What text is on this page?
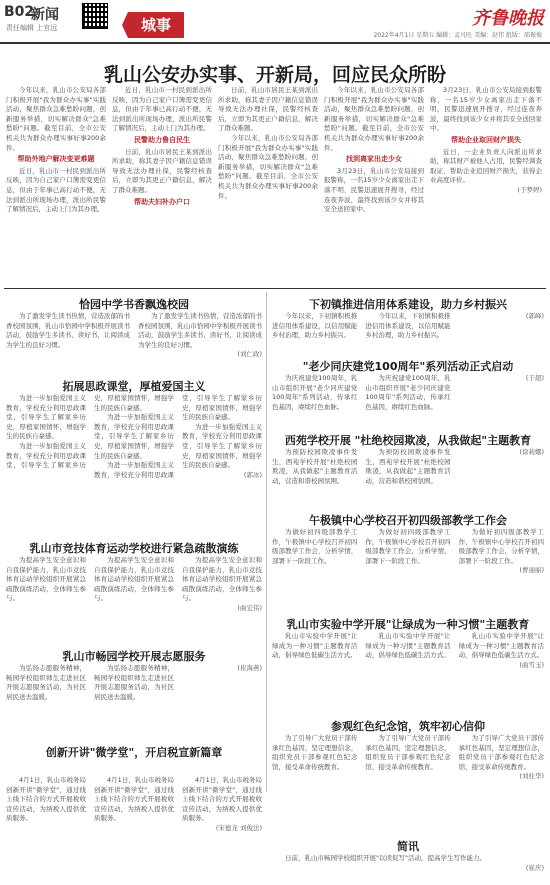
B02
新闻
责任编辑 上官远	城事	齐鲁晚报
2022年4月1日 星期五 编辑：孟凡旺 美编：赵伟 组版：邵振俊
乳山公安办实事、开新局，回应民众所盼

今年以来，乳山市公安局各部门积极开展"我为群众办实事"实践活动，聚焦群众急难愁盼问题，创新服务举措，切实解决群众"急难愁盼"问题。截至目前，全市公安机关共为群众办理实事好事200余件。

帮助外地户解决变更难题

近日，乳山市一村民到派出所反映，因为自己家户口簿需变更信息，但由于年事已高行动不便，无法到派出所现场办理，派出所民警了解情况后，主动上门为其办理。

近日，乳山市一村民到派出所反映，因为自己家户口簿需变更信息，但由于年事已高行动不便，无法到派出所现场办理，派出所民警了解情况后，主动上门为其办理。

民警助力鲁自民生

日前，乳山市居民王某到派出所求助，称其妻子因户籍信息错误导致无法办理社保，民警经核查后，立即为其更正户籍信息，解决了群众难题。

帮助夫妇补办户口

日前，乳山市居民王某到派出所求助，称其妻子因户籍信息错误导致无法办理社保，民警经核查后，立即为其更正户籍信息，解决了群众难题。

今年以来，乳山市公安局各部门积极开展"我为群众办实事"实践活动，聚焦群众急难愁盼问题，创新服务举措，切实解决群众"急难愁盼"问题。截至目前，全市公安机关共为群众办理实事好事200余件。

今年以来，乳山市公安局各部门积极开展"我为群众办实事"实践活动，聚焦群众急难愁盼问题，创新服务举措，切实解决群众"急难愁盼"问题。截至目前，全市公安机关共为群众办理实事好事200余件。

找到离家出走少女

3月23日，乳山市公安局接到报警称，一名15岁少女离家出走下落不明，民警迅速展开搜寻，经过连夜奔波，最终找到该少女并将其安全送回家中。

3月23日，乳山市公安局接到报警称，一名15岁少女离家出走下落不明，民警迅速展开搜寻，经过连夜奔波，最终找到该少女并将其安全送回家中。

帮助企业取回财产损失

近日，一企业负责人向派出所求助，称其财产被他人占用，民警经调查取证，帮助企业追回财产损失，获得企业高度评价。

(于梦婷)

恰园中学书香飘逸校园

为了激发学生读书热情，营造浓郁的书香校园氛围，乳山市恰园中学积极开展读书活动，鼓励学生多读书、读好书，让阅读成为学生的良好习惯。

为了激发学生读书热情，营造浓郁的书香校园氛围，乳山市恰园中学积极开展读书活动，鼓励学生多读书、读好书，让阅读成为学生的良好习惯。

(刘仁政)

拓展思政课堂，厚植爱国主义

为进一步加强爱国主义教育，学校充分利用思政课堂，引导学生了解家乡历史，厚植家国情怀，增强学生的民族自豪感。

为进一步加强爱国主义教育，学校充分利用思政课堂，引导学生了解家乡历史，厚植家国情怀，增强学生的民族自豪感。

为进一步加强爱国主义教育，学校充分利用思政课堂，引导学生了解家乡历史，厚植家国情怀，增强学生的民族自豪感。

为进一步加强爱国主义教育，学校充分利用思政课堂，引导学生了解家乡历史，厚植家国情怀，增强学生的民族自豪感。

为进一步加强爱国主义教育，学校充分利用思政课堂，引导学生了解家乡历史，厚植家国情怀，增强学生的民族自豪感。

(郭冰)

乳山市竞技体育运动学校进行紧急疏散演练

为提高学生安全意识和自我保护能力，乳山市竞技体育运动学校组织开展紧急疏散演练活动，全体师生参与。

为提高学生安全意识和自我保护能力，乳山市竞技体育运动学校组织开展紧急疏散演练活动，全体师生参与。

为提高学生安全意识和自我保护能力，乳山市竞技体育运动学校组织开展紧急疏散演练活动，全体师生参与。

(曲宏伟)

乳山市畅园学校开展志愿服务

为弘扬志愿服务精神，畅园学校组织师生走进社区开展志愿服务活动，为社区居民送去温暖。

为弘扬志愿服务精神，畅园学校组织师生走进社区开展志愿服务活动，为社区居民送去温暖。

(崔海燕)

创新开讲"微学堂"，开启税宣新篇章

4月1日，乳山市税务局创新开讲"微学堂"，通过线上线下结合的方式开展税收宣传活动，为纳税人提供优质服务。

4月1日，乳山市税务局创新开讲"微学堂"，通过线上线下结合的方式开展税收宣传活动，为纳税人提供优质服务。

4月1日，乳山市税务局创新开讲"微学堂"，通过线上线下结合的方式开展税收宣传活动，为纳税人提供优质服务。

(宋德龙 刘俊法)

下初镇推进信用体系建设，助力乡村振兴

今年以来，下初镇积极推进信用体系建设，以信用赋能乡村治理，助力乡村振兴。

今年以来，下初镇积极推进信用体系建设，以信用赋能乡村治理，助力乡村振兴。

(郭峰)

"老少同庆建党100周年"系列活动正式启动

为庆祝建党100周年，乳山市组织开展"老少同庆建党100周年"系列活动，传承红色基因，赓续红色血脉。

为庆祝建党100周年，乳山市组织开展"老少同庆建党100周年"系列活动，传承红色基因，赓续红色血脉。

(于超)

西苑学校开展 "杜绝校园欺凌，从我做起"主题教育

为预防校园欺凌事件发生，西苑学校开展"杜绝校园欺凌，从我做起"主题教育活动，营造和谐校园氛围。

为预防校园欺凌事件发生，西苑学校开展"杜绝校园欺凌，从我做起"主题教育活动，营造和谐校园氛围。

(徐莉娜)

午极镇中心学校召开初四级部教学工作会

为做好初四级部教学工作，午极镇中心学校召开初四级部教学工作会，分析学情，部署下一阶段工作。

为做好初四级部教学工作，午极镇中心学校召开初四级部教学工作会，分析学情，部署下一阶段工作。

为做好初四级部教学工作，午极镇中心学校召开初四级部教学工作会，分析学情，部署下一阶段工作。

(曹丽丽)

乳山市实验中学开展"让绿成为一种习惯"主题教育

乳山市实验中学开展"让绿成为一种习惯"主题教育活动，倡导绿色低碳生活方式。

乳山市实验中学开展"让绿成为一种习惯"主题教育活动，倡导绿色低碳生活方式。

乳山市实验中学开展"让绿成为一种习惯"主题教育活动，倡导绿色低碳生活方式。

(曲雪玉)

参观红色纪念馆，筑牢初心信仰

为了引导广大党员干部传承红色基因，坚定理想信念，组织党员干部参观红色纪念馆，接受革命传统教育。

为了引导广大党员干部传承红色基因，坚定理想信念，组织党员干部参观红色纪念馆，接受革命传统教育。

为了引导广大党员干部传承红色基因，坚定理想信念，组织党员干部参观红色纪念馆，接受革命传统教育。

(刘桂华)

简讯

日前，乳山市畅园学校组织开展"以读促写"活动，提高学生写作能力。

(崔庆)
